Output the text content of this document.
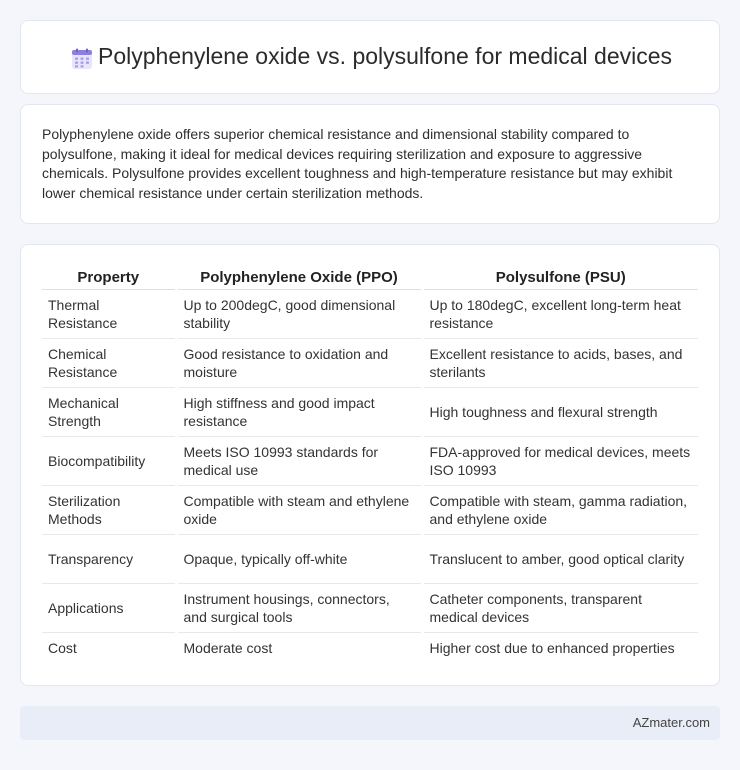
Polyphenylene oxide vs. polysulfone for medical devices

Polyphenylene oxide offers superior chemical resistance and dimensional stability compared to polysulfone, making it ideal for medical devices requiring sterilization and exposure to aggressive chemicals. Polysulfone provides excellent toughness and high-temperature resistance but may exhibit lower chemical resistance under certain sterilization methods.

Property	Polyphenylene Oxide (PPO)	Polysulfone (PSU)
Thermal Resistance	Up to 200degC, good dimensional stability	Up to 180degC, excellent long-term heat resistance
Chemical Resistance	Good resistance to oxidation and moisture	Excellent resistance to acids, bases, and sterilants
Mechanical Strength	High stiffness and good impact resistance	High toughness and flexural strength
Biocompatibility	Meets ISO 10993 standards for medical use	FDA-approved for medical devices, meets ISO 10993
Sterilization Methods	Compatible with steam and ethylene oxide	Compatible with steam, gamma radiation, and ethylene oxide
Transparency	Opaque, typically off-white	Translucent to amber, good optical clarity
Applications	Instrument housings, connectors, and surgical tools	Catheter components, transparent medical devices
Cost	Moderate cost	Higher cost due to enhanced properties
AZmater.com
